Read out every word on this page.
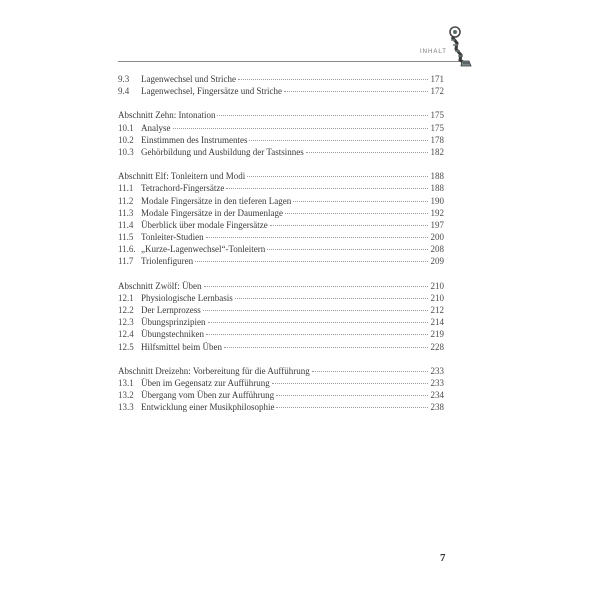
INHALT
9.3	Lagenwechsel und Striche	171
9.4	Lagenwechsel, Fingersätze und Striche	172
Abschnitt Zehn: Intonation	175
10.1 Analyse	175
10.2 Einstimmen des Instrumentes	178
10.3 Gehörbildung und Ausbildung der Tastsinnes	182
Abschnitt Elf: Tonleitern und Modi	188
11.1 Tetrachord-Fingersätze	188
11.2 Modale Fingersätze in den tieferen Lagen	190
11.3 Modale Fingersätze in der Daumenlage	192
11.4 Überblick über modale Fingersätze	197
11.5 Tonleiter-Studien	200
11.6. „Kurze-Lagenwechsel“-Tonleitern	208
11.7 Triolenfiguren	209
Abschnitt Zwölf: Üben	210
12.1 Physiologische Lernbasis	210
12.2 Der Lernprozess	212
12.3 Übungsprinzipien	214
12.4 Übungstechniken	219
12.5 Hilfsmittel beim Üben	228
Abschnitt Dreizehn: Vorbereitung für die Aufführung	233
13.1 Üben im Gegensatz zur Aufführung	233
13.2 Übergang vom Üben zur Aufführung	234
13.3 Entwicklung einer Musikphilosophie	238
7
